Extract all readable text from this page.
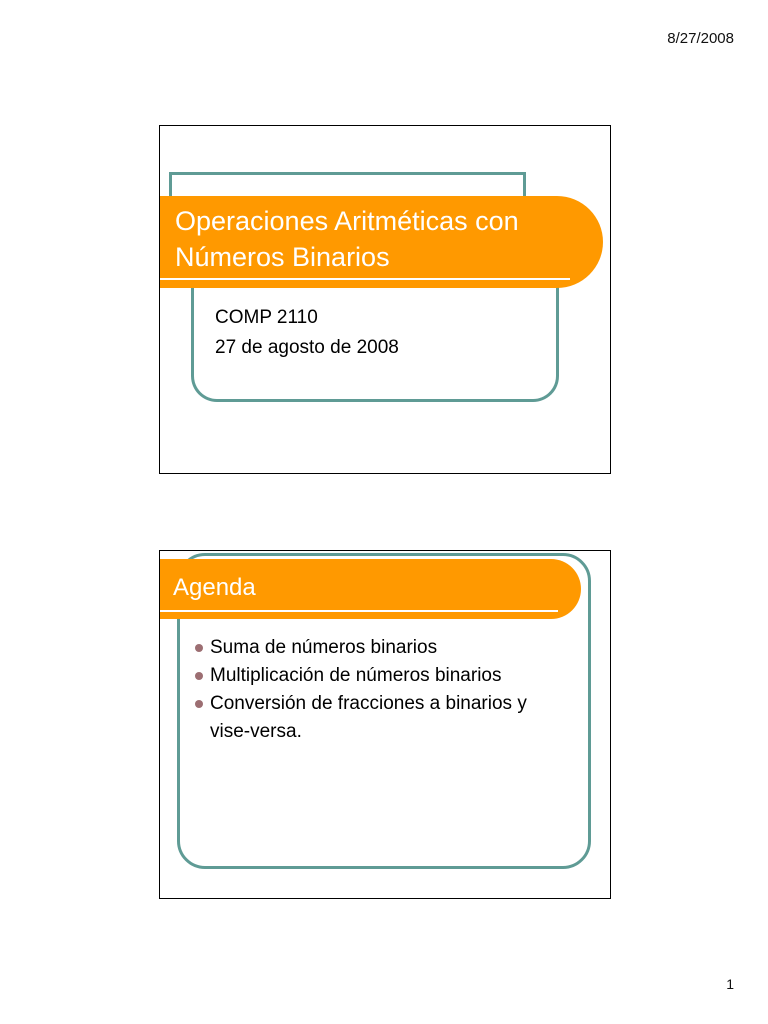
8/27/2008
Operaciones Aritméticas con
Números Binarios
COMP 2110
27 de agosto de 2008
Agenda
Suma de números binarios
Multiplicación de números binarios
Conversión de fracciones a binarios y vise-versa.
1
